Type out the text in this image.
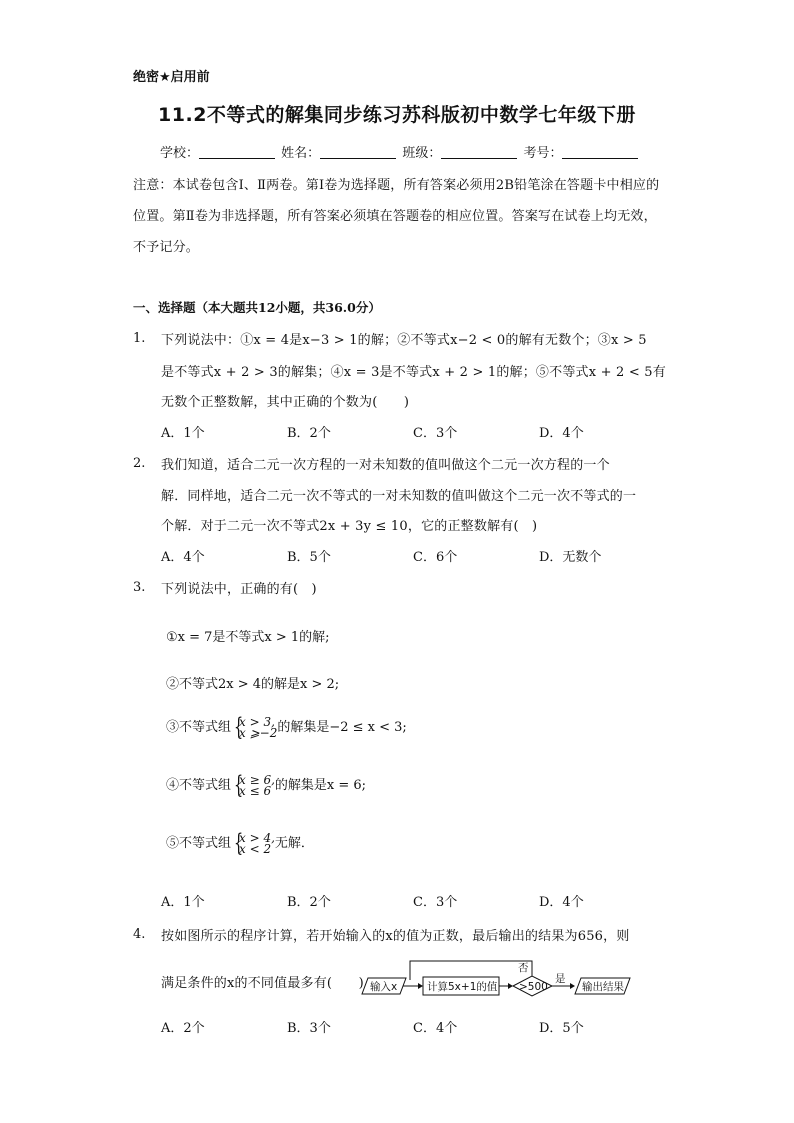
绝密★启用前
11.2不等式的解集同步练习苏科版初中数学七年级下册
学校：	姓名：	班级：	考号：
注意：本试卷包含Ⅰ、Ⅱ两卷。第Ⅰ卷为选择题，所有答案必须用2B铅笔涂在答题卡中相应的位置。第Ⅱ卷为非选择题，所有答案必须填在答题卷的相应位置。答案写在试卷上均无效，不予记分。
一、选择题（本大题共12小题，共36.0分）
1. 下列说法中：①x = 4是x−3 > 1的解；②不等式x−2 < 0的解有无数个；③x > 5
是不等式x + 2 > 3的解集；④x = 3是不等式x + 2 > 1的解；⑤不等式x + 2 < 5有
无数个正整数解，其中正确的个数为(　　)
A．1个	B．2个	C．3个	D．4个
2. 我们知道，适合二元一次方程的一对未知数的值叫做这个二元一次方程的一个
解．同样地，适合二元一次不等式的一对未知数的值叫做这个二元一次不等式的一
个解．对于二元一次不等式2x + 3y ≤ 10，它的正整数解有(　)
A．4个	B．5个	C．6个	D．无数个
3. 下列说法中，正确的有(　)
①x = 7是不等式x > 1的解;
②不等式2x > 4的解是x > 2;
③不等式组 {
x > 3,
x ⩾−2 的解集是−2 ≤ x < 3;
④不等式组 {
x ≥ 6,
x ≤ 6 的解集是x = 6;
⑤不等式组 {
x > 4,
x < 2 无解．
A．1个	B．2个	C．3个	D．4个
4. 按如图所示的程序计算，若开始输入的x的值为正数，最后输出的结果为656，则
满足条件的x的不同值最多有(　　) 输入x	计算5x+1的值 >500
否
是
输出结果
A．2个	B．3个	C．4个	D．5个
